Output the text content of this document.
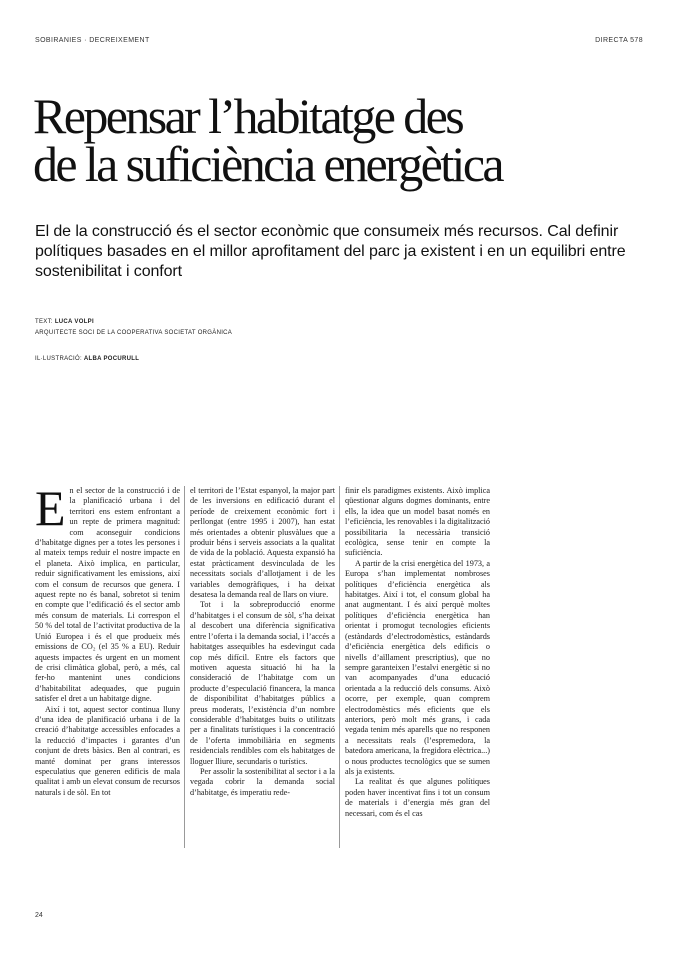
SOBIRANIES · DECREIXEMENT	DIRECTA 578
Repensar l’habitatge des
de la suficiència energètica

El de la construcció és el sector econòmic que consumeix més recursos. Cal definir polítiques basades en el millor aprofitament del parc ja existent i en un equilibri entre sostenibilitat i confort

TEXT: LUCA VOLPI
ARQUITECTE SOCI DE LA COOPERATIVA SOCIETAT ORGÀNICA
IL·LUSTRACIÓ: ALBA POCURULL

En el sector de la construcció i de la planificació urbana i del territori ens estem enfrontant a un repte de primera magnitud: com aconseguir condicions d’habitatge dignes per a totes les persones i al mateix temps reduir el nostre impacte en el planeta. Això implica, en particular, reduir significativament les emissions, així com el consum de recursos que genera. I aquest repte no és banal, sobretot si tenim en compte que l’edificació és el sector amb més consum de materials. Li correspon el 50 % del total de l’activitat productiva de la Unió Europea i és el que produeix més emissions de CO₂ (el 35 % a EU). Reduir aquests impactes és urgent en un moment de crisi climàtica global, però, a més, cal fer-ho mantenint unes condicions d’habitabilitat adequades, que puguin satisfer el dret a un habitatge digne.

Així i tot, aquest sector continua lluny d’una idea de planificació urbana i de la creació d’habitatge accessibles enfocades a la reducció d’impactes i garantes d’un conjunt de drets bàsics. Ben al contrari, es manté dominat per grans interessos especulatius que generen edificis de mala qualitat i amb un elevat consum de recursos naturals i de sòl. En tot

el territori de l’Estat espanyol, la major part de les inversions en edificació durant el període de creixement econòmic fort i perllongat (entre 1995 i 2007), han estat més orientades a obtenir plusvàlues que a produir béns i serveis associats a la qualitat de vida de la població. Aquesta expansió ha estat pràcticament desvinculada de les necessitats socials d’allotjament i de les variables demogràfiques, i ha deixat desatesa la demanda real de llars on viure.

Tot i la sobreproducció enorme d’habitatges i el consum de sòl, s’ha deixat al descobert una diferència significativa entre l’oferta i la demanda social, i l’accés a habitatges assequibles ha esdevingut cada cop més difícil. Entre els factors que motiven aquesta situació hi ha la consideració de l’habitatge com un producte d’especulació financera, la manca de disponibilitat d’habitatges públics a preus moderats, l’existència d’un nombre considerable d’habitatges buits o utilitzats per a finalitats turístiques i la concentració de l’oferta immobiliària en segments residencials rendibles com els habitatges de lloguer lliure, secundaris o turístics.

Per assolir la sostenibilitat al sector i a la vegada cobrir la demanda social d’habitatge, és imperatiu rede-

finir els paradigmes existents. Això implica qüestionar alguns dogmes dominants, entre ells, la idea que un model basat només en l’eficiència, les renovables i la digitalització possibilitaria la necessària transició ecològica, sense tenir en compte la suficiència.

A partir de la crisi energètica del 1973, a Europa s’han implementat nombroses polítiques d’eficiència energètica als habitatges. Així i tot, el consum global ha anat augmentant. I és així perquè moltes polítiques d’eficiència energètica han orientat i promogut tecnologies eficients (estàndards d’electrodomèstics, estàndards d’eficiència energètica dels edificis o nivells d’aïllament prescriptius), que no sempre garanteixen l’estalvi energètic si no van acompanyades d’una educació orientada a la reducció dels consums. Això ocorre, per exemple, quan comprem electrodomèstics més eficients que els anteriors, però molt més grans, i cada vegada tenim més aparells que no responen a necessitats reals (l’espremedora, la batedora americana, la fregidora elèctrica...) o nous productes tecnològics que se sumen als ja existents.

La realitat és que algunes polítiques poden haver incentivat fins i tot un consum de materials i d’energia més gran del necessari, com és el cas

24
